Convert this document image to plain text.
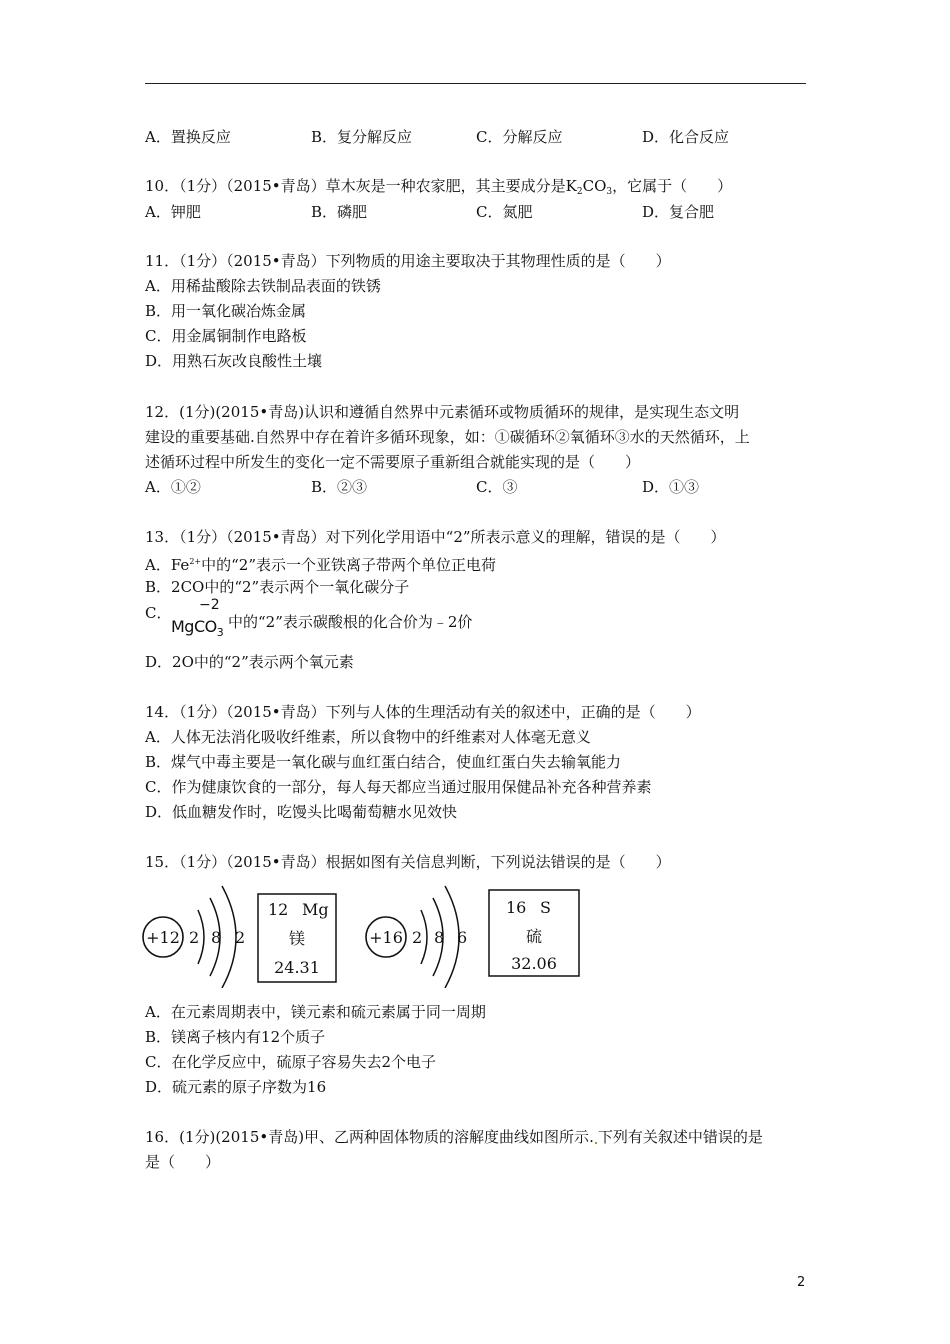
A．置换反应	B．复分解反应	C．分解反应	D．化合反应
10．（1分）（2015•青岛）草木灰是一种农家肥，其主要成分是$K_2CO_3$，它属于（　　）
A．钾肥	B．磷肥	C．氮肥	D．复合肥
11．（1分）（2015•青岛）下列物质的用途主要取决于其物理性质的是（　　）
A．用稀盐酸除去铁制品表面的铁锈
B．用一氧化碳冶炼金属
C．用金属铜制作电路板
D．用熟石灰改良酸性土壤
12．(1分)(2015•青岛)认识和遵循自然界中元素循环或物质循环的规律，是实现生态文明
建设的重要基础.自然界中存在着许多循环现象，如：①碳循环②氧循环③水的天然循环，上
述循环过程中所发生的变化一定不需要原子重新组合就能实现的是（　　）
A．①②	B．②③	C．③	D．①③
13．（1分）（2015•青岛）对下列化学用语中“2”所表示意义的理解，错误的是（　　）
A．$Fe^{2+}$中的“2”表示一个亚铁离子带两个单位正电荷
B．2CO中的“2”表示两个一氧化碳分子
C． −2
MgCO$_3$
中的“2”表示碳酸根的化合价为﹣2价
D．2O中的“2”表示两个氧元素
14．（1分）（2015•青岛）下列与人体的生理活动有关的叙述中，正确的是（　　）
A．人体无法消化吸收纤维素，所以食物中的纤维素对人体毫无意义
B．煤气中毒主要是一氧化碳与血红蛋白结合，使血红蛋白失去输氧能力
C．作为健康饮食的一部分，每人每天都应当通过服用保健品补充各种营养素
D．低血糖发作时，吃馒头比喝葡萄糖水见效快
15．（1分）（2015•青岛）根据如图有关信息判断，下列说法错误的是（　　）
+12 2 8 2
12 Mg
镁
24.31
+16 2 8 6
16 S
硫
32.06
A．在元素周期表中，镁元素和硫元素属于同一周期
B．镁离子核内有12个质子
C．在化学反应中，硫原子容易失去2个电子
D．硫元素的原子序数为16
16．(1分)(2015•青岛)甲、乙两种固体物质的溶解度曲线如图所示. 下列有关叙述中错误的是
是（　　）
2
